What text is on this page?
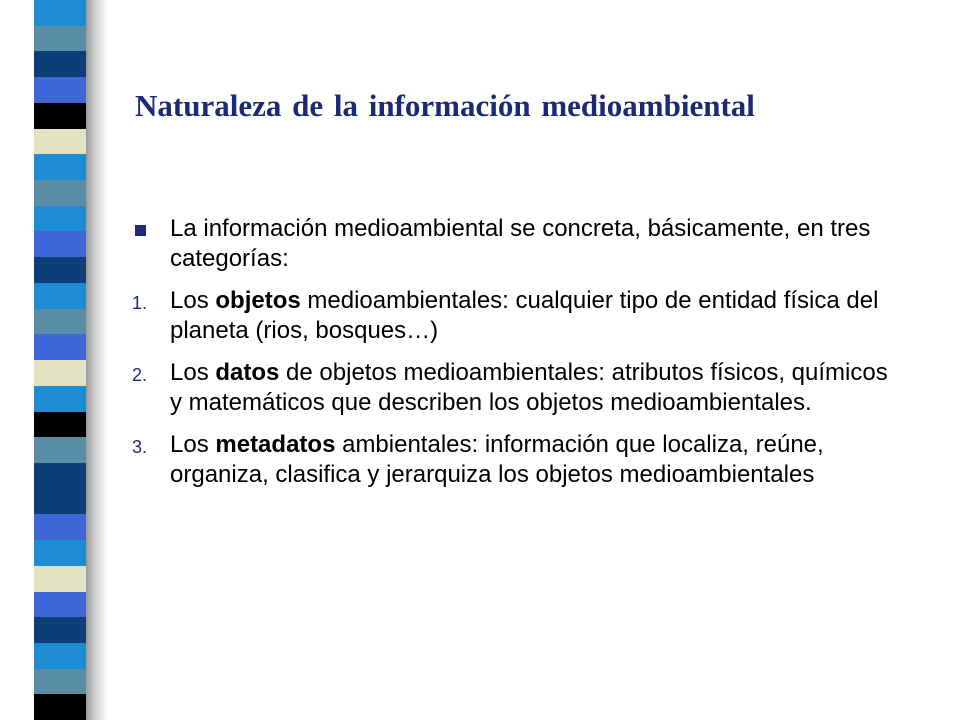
Naturaleza de la información medioambiental
La información medioambiental se concreta, básicamente, en tres categorías:
1. Los objetos medioambientales: cualquier tipo de entidad física del planeta (rios, bosques…)
2. Los datos de objetos medioambientales: atributos físicos, químicos y matemáticos que describen los objetos medioambientales.
3. Los metadatos ambientales: información que localiza, reúne, organiza, clasifica y jerarquiza los objetos medioambientales
